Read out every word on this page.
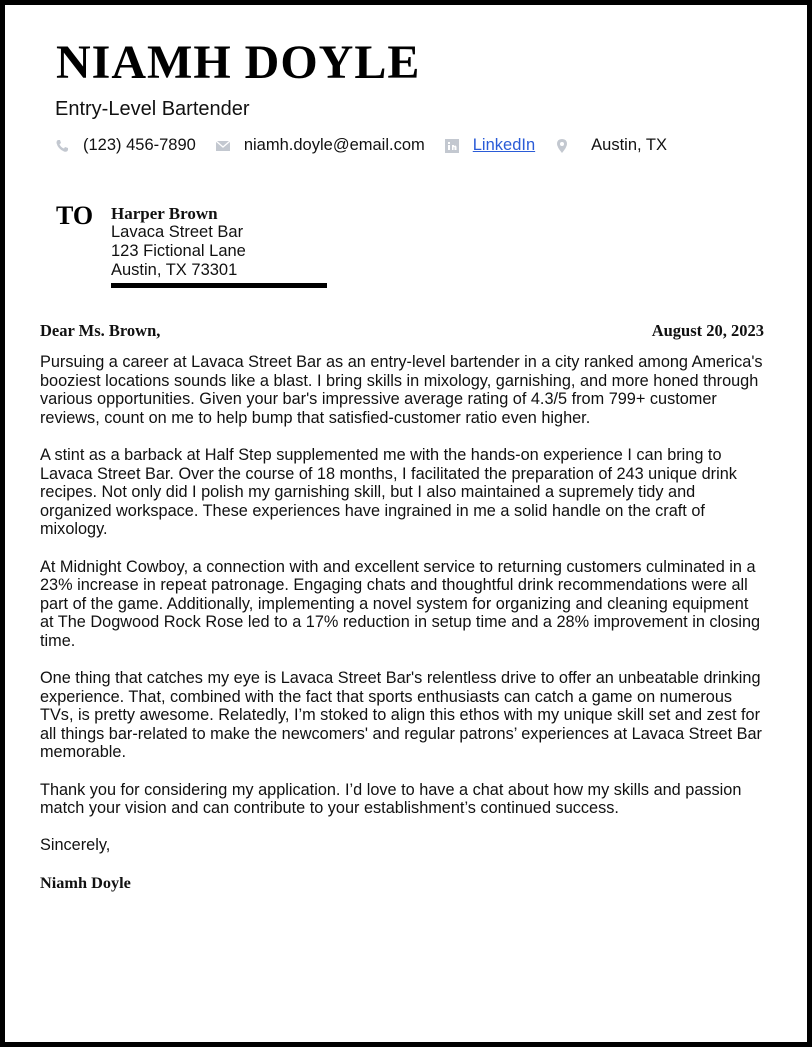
NIAMH DOYLE
Entry-Level Bartender
(123) 456-7890	niamh.doyle@email.com	LinkedIn	Austin, TX
TO Harper Brown
Lavaca Street Bar
123 Fictional Lane
Austin, TX 73301
Dear Ms. Brown,	August 20, 2023
Pursuing a career at Lavaca Street Bar as an entry-level bartender in a city ranked among America's
booziest locations sounds like a blast. I bring skills in mixology, garnishing, and more honed through
various opportunities. Given your bar's impressive average rating of 4.3/5 from 799+ customer
reviews, count on me to help bump that satisfied-customer ratio even higher.
A stint as a barback at Half Step supplemented me with the hands-on experience I can bring to
Lavaca Street Bar. Over the course of 18 months, I facilitated the preparation of 243 unique drink
recipes. Not only did I polish my garnishing skill, but I also maintained a supremely tidy and
organized workspace. These experiences have ingrained in me a solid handle on the craft of
mixology.
At Midnight Cowboy, a connection with and excellent service to returning customers culminated in a
23% increase in repeat patronage. Engaging chats and thoughtful drink recommendations were all
part of the game. Additionally, implementing a novel system for organizing and cleaning equipment
at The Dogwood Rock Rose led to a 17% reduction in setup time and a 28% improvement in closing
time.
One thing that catches my eye is Lavaca Street Bar's relentless drive to offer an unbeatable drinking
experience. That, combined with the fact that sports enthusiasts can catch a game on numerous
TVs, is pretty awesome. Relatedly, I’m stoked to align this ethos with my unique skill set and zest for
all things bar-related to make the newcomers' and regular patrons’ experiences at Lavaca Street Bar
memorable.
Thank you for considering my application. I’d love to have a chat about how my skills and passion
match your vision and can contribute to your establishment’s continued success.
Sincerely,
Niamh Doyle
